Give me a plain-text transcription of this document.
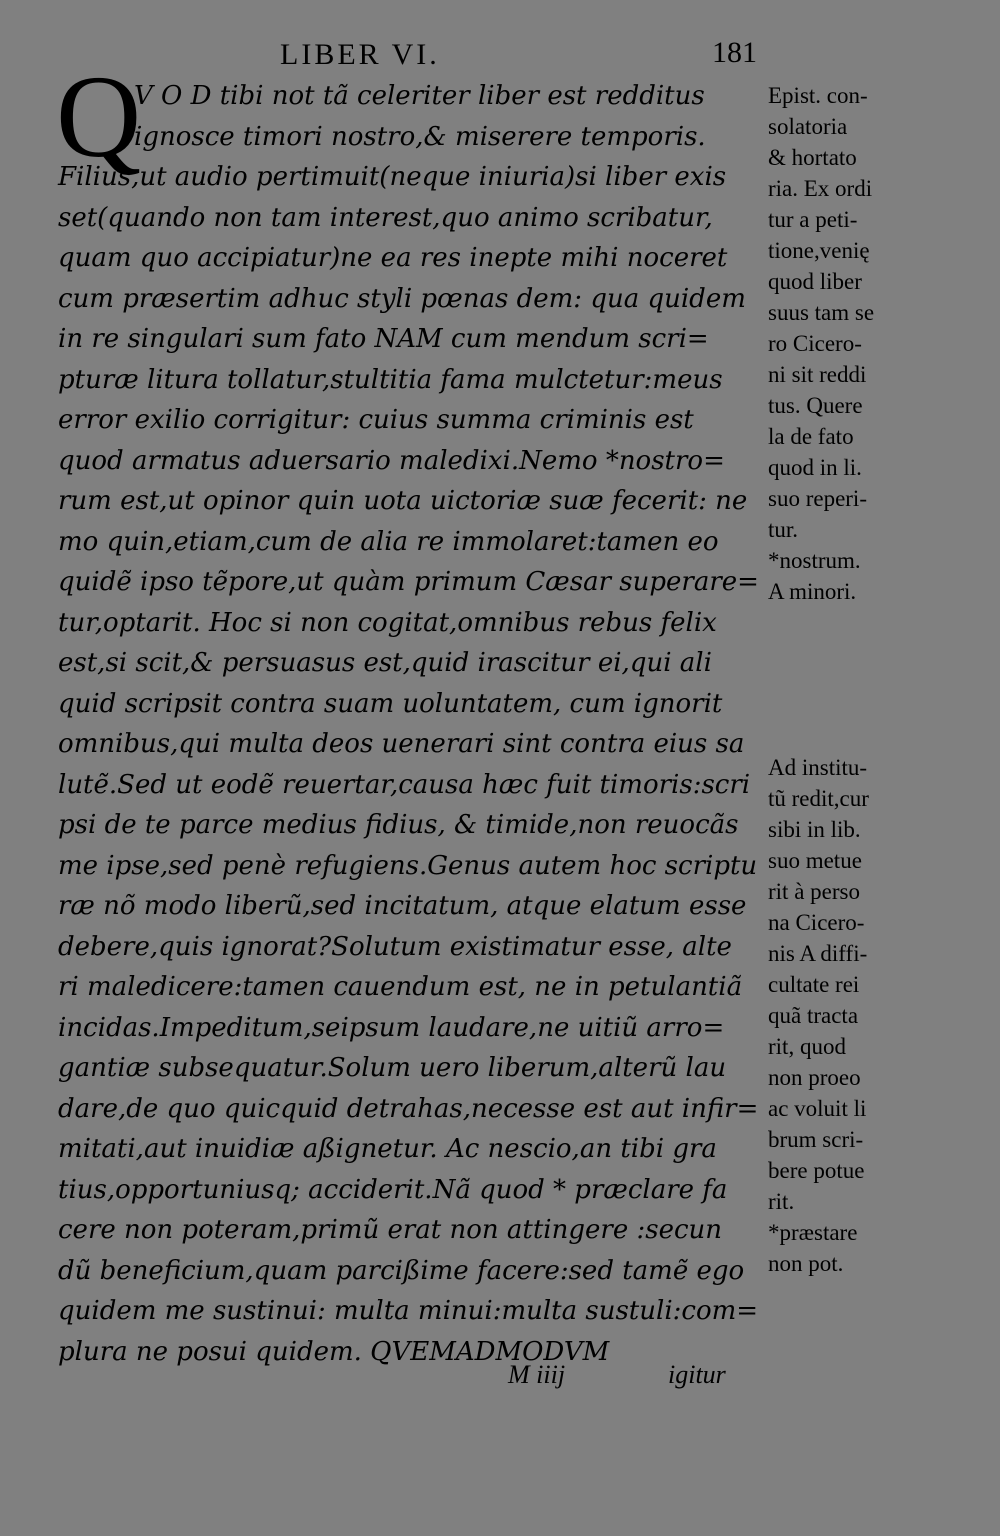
LIBER VI.	181
Q
V O D tibi not tã celeriter liber est redditus
ignosce timori nostro,& miserere temporis.
Filius,ut audio pertimuit(neque iniuria)si liber exis
set(quando non tam interest,quo animo scribatur,
quam quo accipiatur)ne ea res inepte mihi noceret
cum præsertim adhuc styli pœnas dem: qua quidem
in re singulari sum fato NAM cum mendum scri=
pturæ litura tollatur,stultitia fama mulctetur:meus
error exilio corrigitur: cuius summa criminis est
quod armatus aduersario maledixi.Nemo *nostro=
rum est,ut opinor quin uota uictoriæ suæ fecerit: ne
mo quin,etiam,cum de alia re immolaret:tamen eo
quidẽ ipso tẽpore,ut quàm primum Cæsar superare=
tur,optarit. Hoc si non cogitat,omnibus rebus felix
est,si scit,& persuasus est,quid irascitur ei,qui ali
quid scripsit contra suam uoluntatem, cum ignorit
omnibus,qui multa deos uenerari sint contra eius sa
lutẽ.Sed ut eodẽ reuertar,causa hæc fuit timoris:scri
psi de te parce medius fidius, & timide,non reuocãs
me ipse,sed penè refugiens.Genus autem hoc scriptu
ræ nõ modo liberũ,sed incitatum, atque elatum esse
debere,quis ignorat?Solutum existimatur esse, alte
ri maledicere:tamen cauendum est, ne in petulantiã
incidas.Impeditum,seipsum laudare,ne uitiũ arro=
gantiæ subsequatur.Solum uero liberum,alterũ lau
dare,de quo quicquid detrahas,necesse est aut infir=
mitati,aut inuidiæ aßignetur. Ac nescio,an tibi gra
tius,opportuniusq; acciderit.Nã quod * præclare fa
cere non poteram,primũ erat non attingere :secun
dũ beneficium,quam parcißime facere:sed tamẽ ego
quidem me sustinui: multa minui:multa sustuli:com=
plura ne posui quidem. QVEMADMODVM
Epist. con-
solatoria
& hortato
ria. Ex ordi
tur a peti-
tione,venię
quod liber
suus tam se
ro Cicero-
ni sit reddi
tus. Quere
la de fato
quod in li.
suo reperi-
tur.
*nostrum.
A minori.
Ad institu-
tũ redit,cur
sibi in lib.
suo metue
rit à perso
na Cicero-
nis A diffi-
cultate rei
quã tracta
rit, quod
non proeo
ac voluit li
brum scri-
bere potue
rit.
*præstare
non pot.
M iiij	igitur
